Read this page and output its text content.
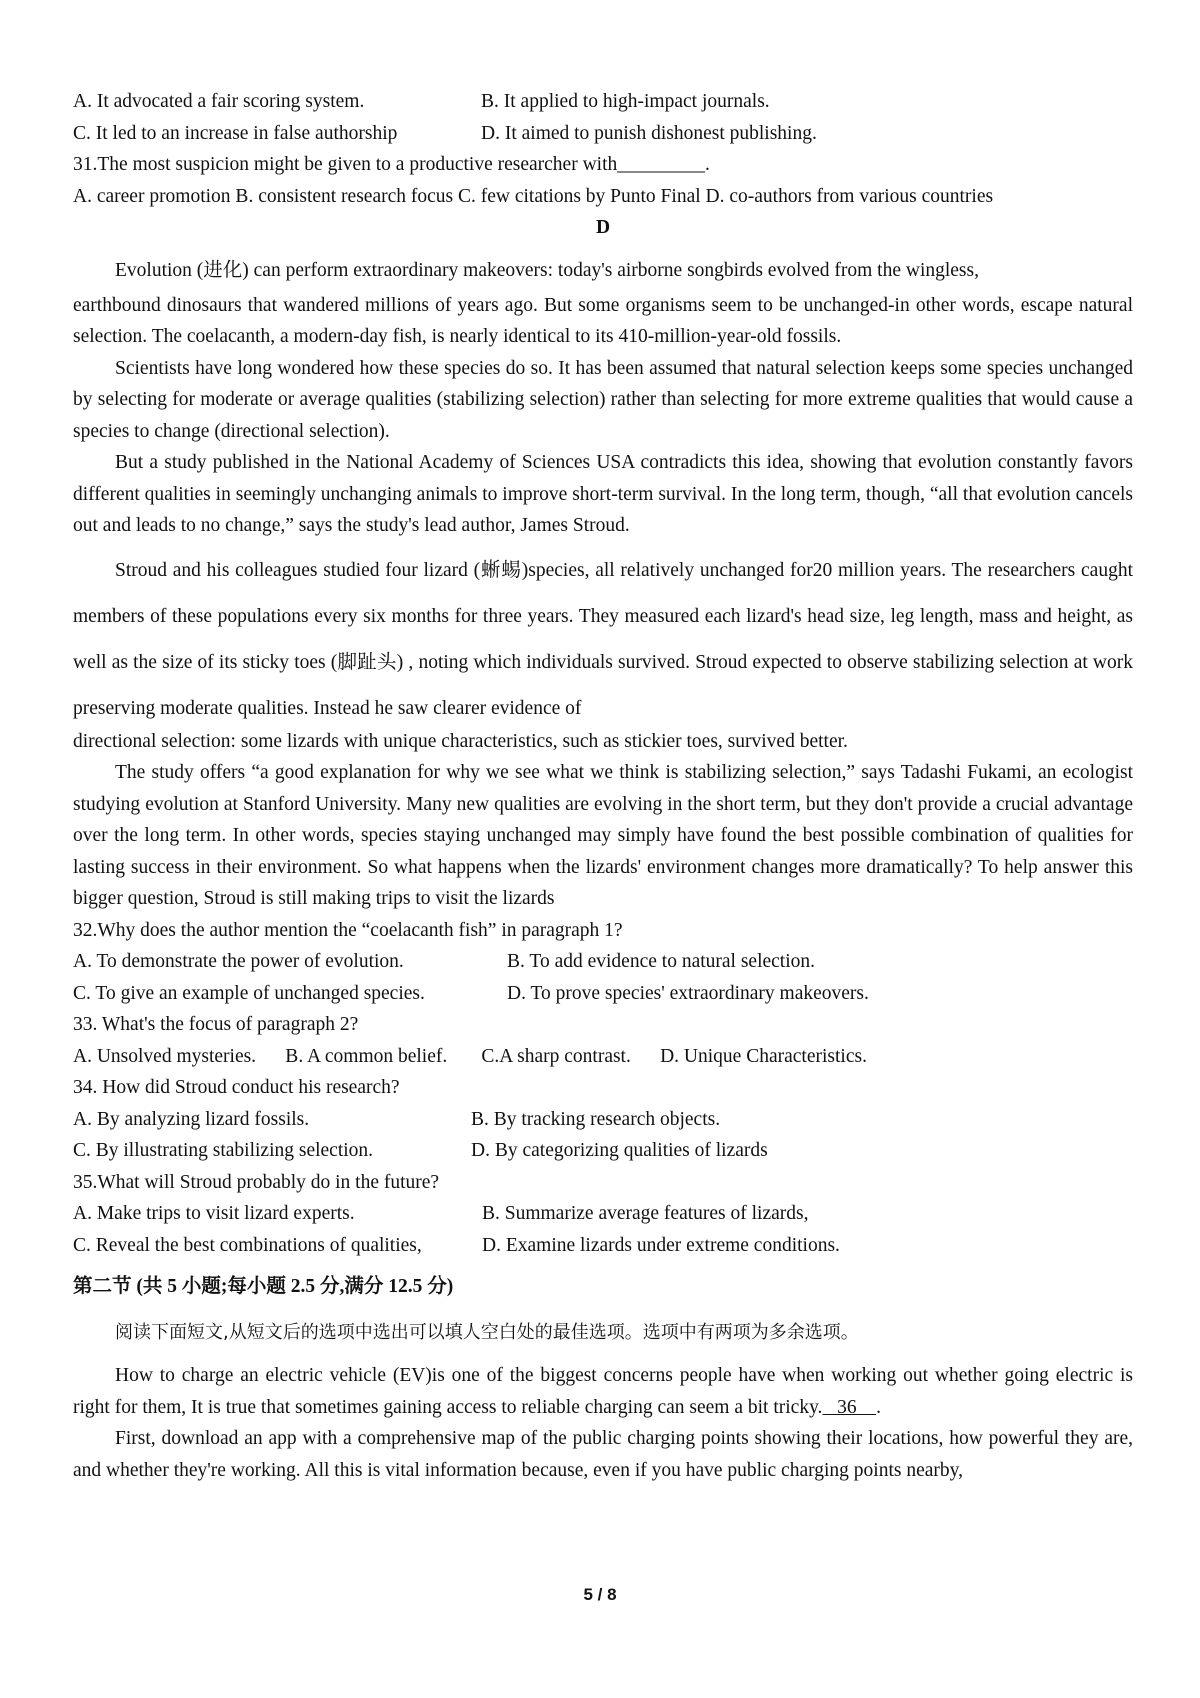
A. It advocated a fair scoring system.	B. It applied to high-impact journals.
C. It led to an increase in false authorship	D. It aimed to punish dishonest publishing.
31.The most suspicion might be given to a productive researcher with_________.
A. career promotion B. consistent research focus C. few citations by Punto Final D. co-authors from various countries
D
Evolution (进化) can perform extraordinary makeovers: today's airborne songbirds evolved from the wingless,
earthbound dinosaurs that wandered millions of years ago. But some organisms seem to be unchanged-in other words, escape natural selection. The coelacanth, a modern-day fish, is nearly identical to its 410-million-year-old fossils.
Scientists have long wondered how these species do so. It has been assumed that natural selection keeps some species unchanged by selecting for moderate or average qualities (stabilizing selection) rather than selecting for more extreme qualities that would cause a species to change (directional selection).
But a study published in the National Academy of Sciences USA contradicts this idea, showing that evolution constantly favors different qualities in seemingly unchanging animals to improve short-term survival. In the long term, though, “all that evolution cancels out and leads to no change,” says the study's lead author, James Stroud.
Stroud and his colleagues studied four lizard (蜥蜴)species, all relatively unchanged for20 million years. The researchers caught members of these populations every six months for three years. They measured each lizard's head size, leg length, mass and height, as well as the size of its sticky toes (脚趾头) , noting which individuals survived. Stroud expected to observe stabilizing selection at work preserving moderate qualities. Instead he saw clearer evidence of
directional selection: some lizards with unique characteristics, such as stickier toes, survived better.
The study offers “a good explanation for why we see what we think is stabilizing selection,” says Tadashi Fukami, an ecologist studying evolution at Stanford University. Many new qualities are evolving in the short term, but they don't provide a crucial advantage over the long term. In other words, species staying unchanged may simply have found the best possible combination of qualities for lasting success in their environment. So what happens when the lizards' environment changes more dramatically? To help answer this bigger question, Stroud is still making trips to visit the lizards
32.Why does the author mention the “coelacanth fish” in paragraph 1?
A. To demonstrate the power of evolution.	B. To add evidence to natural selection.
C. To give an example of unchanged species.	D. To prove species' extraordinary makeovers.
33. What's the focus of paragraph 2?
A. Unsolved mysteries.      B. A common belief.       C.A sharp contrast.      D. Unique Characteristics.
34. How did Stroud conduct his research?
A. By analyzing lizard fossils.	B. By tracking research objects.
C. By illustrating stabilizing selection.	D. By categorizing qualities of lizards
35.What will Stroud probably do in the future?
A. Make trips to visit lizard experts.	B. Summarize average features of lizards,
C. Reveal the best combinations of qualities,	D. Examine lizards under extreme conditions.
第二节 (共 5 小题;每小题 2.5 分,满分 12.5 分)
阅读下面短文,从短文后的选项中选出可以填人空白处的最佳选项。选项中有两项为多余选项。
How to charge an electric vehicle (EV)is one of the biggest concerns people have when working out whether going electric is right for them, It is true that sometimes gaining access to reliable charging can seem a bit tricky.   36    .
First, download an app with a comprehensive map of the public charging points showing their locations, how powerful they are, and whether they're working. All this is vital information because, even if you have public charging points nearby,
5 / 8
